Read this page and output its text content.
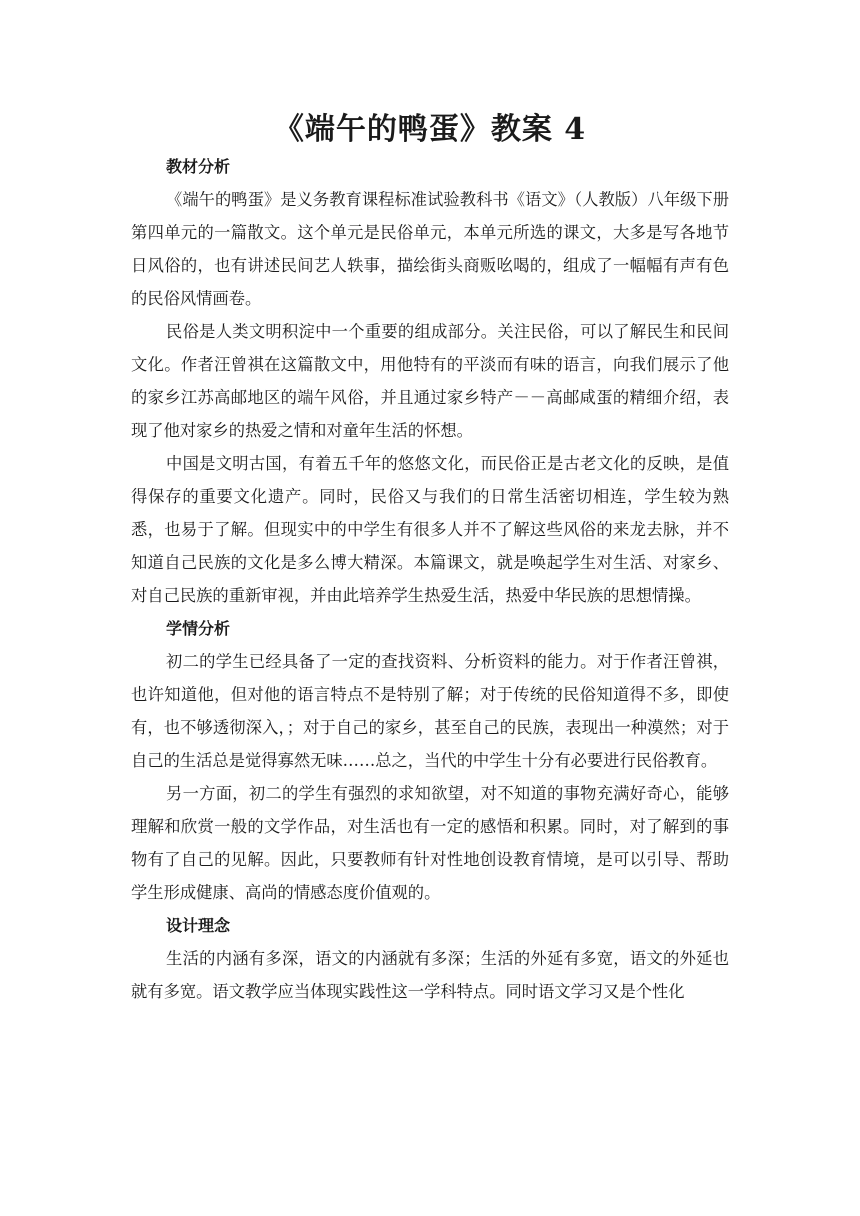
《端午的鸭蛋》教案 4
教材分析

《端午的鸭蛋》是义务教育课程标准试验教科书《语文》（人教版）八年级下册第四单元的一篇散文。这个单元是民俗单元，本单元所选的课文，大多是写各地节日风俗的，也有讲述民间艺人轶事，描绘街头商贩吆喝的，组成了一幅幅有声有色的民俗风情画卷。

民俗是人类文明积淀中一个重要的组成部分。关注民俗，可以了解民生和民间文化。作者汪曾祺在这篇散文中，用他特有的平淡而有味的语言，向我们展示了他的家乡江苏高邮地区的端午风俗，并且通过家乡特产－－高邮咸蛋的精细介绍，表现了他对家乡的热爱之情和对童年生活的怀想。

中国是文明古国，有着五千年的悠悠文化，而民俗正是古老文化的反映，是值得保存的重要文化遗产。同时，民俗又与我们的日常生活密切相连，学生较为熟悉，也易于了解。但现实中的中学生有很多人并不了解这些风俗的来龙去脉，并不知道自己民族的文化是多么博大精深。本篇课文，就是唤起学生对生活、对家乡、对自己民族的重新审视，并由此培养学生热爱生活，热爱中华民族的思想情操。

学情分析

初二的学生已经具备了一定的查找资料、分析资料的能力。对于作者汪曾祺，也许知道他，但对他的语言特点不是特别了解；对于传统的民俗知道得不多，即使有，也不够透彻深入，；对于自己的家乡，甚至自己的民族，表现出一种漠然；对于自己的生活总是觉得寡然无味……总之，当代的中学生十分有必要进行民俗教育。

另一方面，初二的学生有强烈的求知欲望，对不知道的事物充满好奇心，能够理解和欣赏一般的文学作品，对生活也有一定的感悟和积累。同时，对了解到的事物有了自己的见解。因此，只要教师有针对性地创设教育情境，是可以引导、帮助学生形成健康、高尚的情感态度价值观的。

设计理念

生活的内涵有多深，语文的内涵就有多深；生活的外延有多宽，语文的外延也就有多宽。语文教学应当体现实践性这一学科特点。同时语文学习又是个性化
